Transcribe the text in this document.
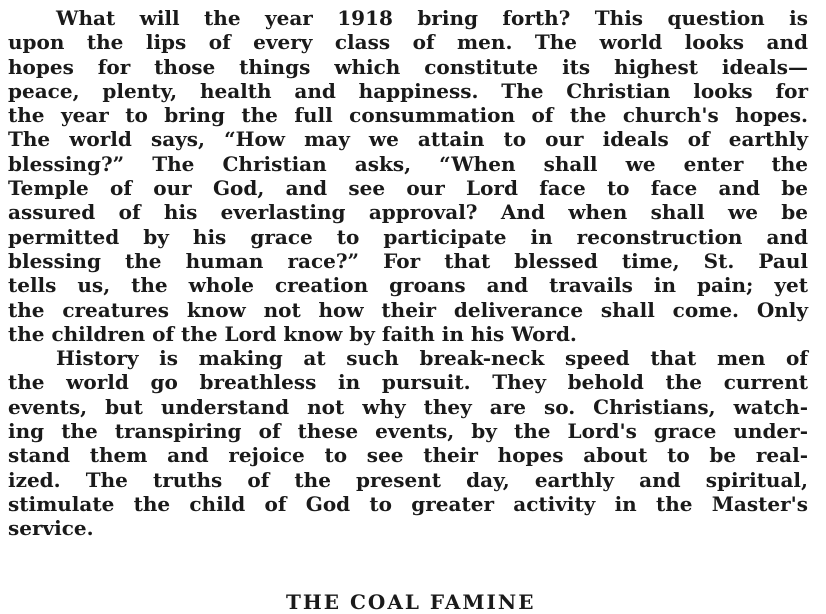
What will the year 1918 bring forth? This question is
upon the lips of every class of men. The world looks and
hopes for those things which constitute its highest ideals—
peace, plenty, health and happiness. The Christian looks for
the year to bring the full consummation of the church's hopes.
The world says, “How may we attain to our ideals of earthly
blessing?” The Christian asks, “When shall we enter the
Temple of our God, and see our Lord face to face and be
assured of his everlasting approval? And when shall we be
permitted by his grace to participate in reconstruction and
blessing the human race?” For that blessed time, St. Paul
tells us, the whole creation groans and travails in pain; yet
the creatures know not how their deliverance shall come. Only
the children of the Lord know by faith in his Word.
History is making at such break-neck speed that men of
the world go breathless in pursuit. They behold the current
events, but understand not why they are so. Christians, watch-
ing the transpiring of these events, by the Lord's grace under-
stand them and rejoice to see their hopes about to be real-
ized. The truths of the present day, earthly and spiritual,
stimulate the child of God to greater activity in the Master's
service.
THE COAL FAMINE
